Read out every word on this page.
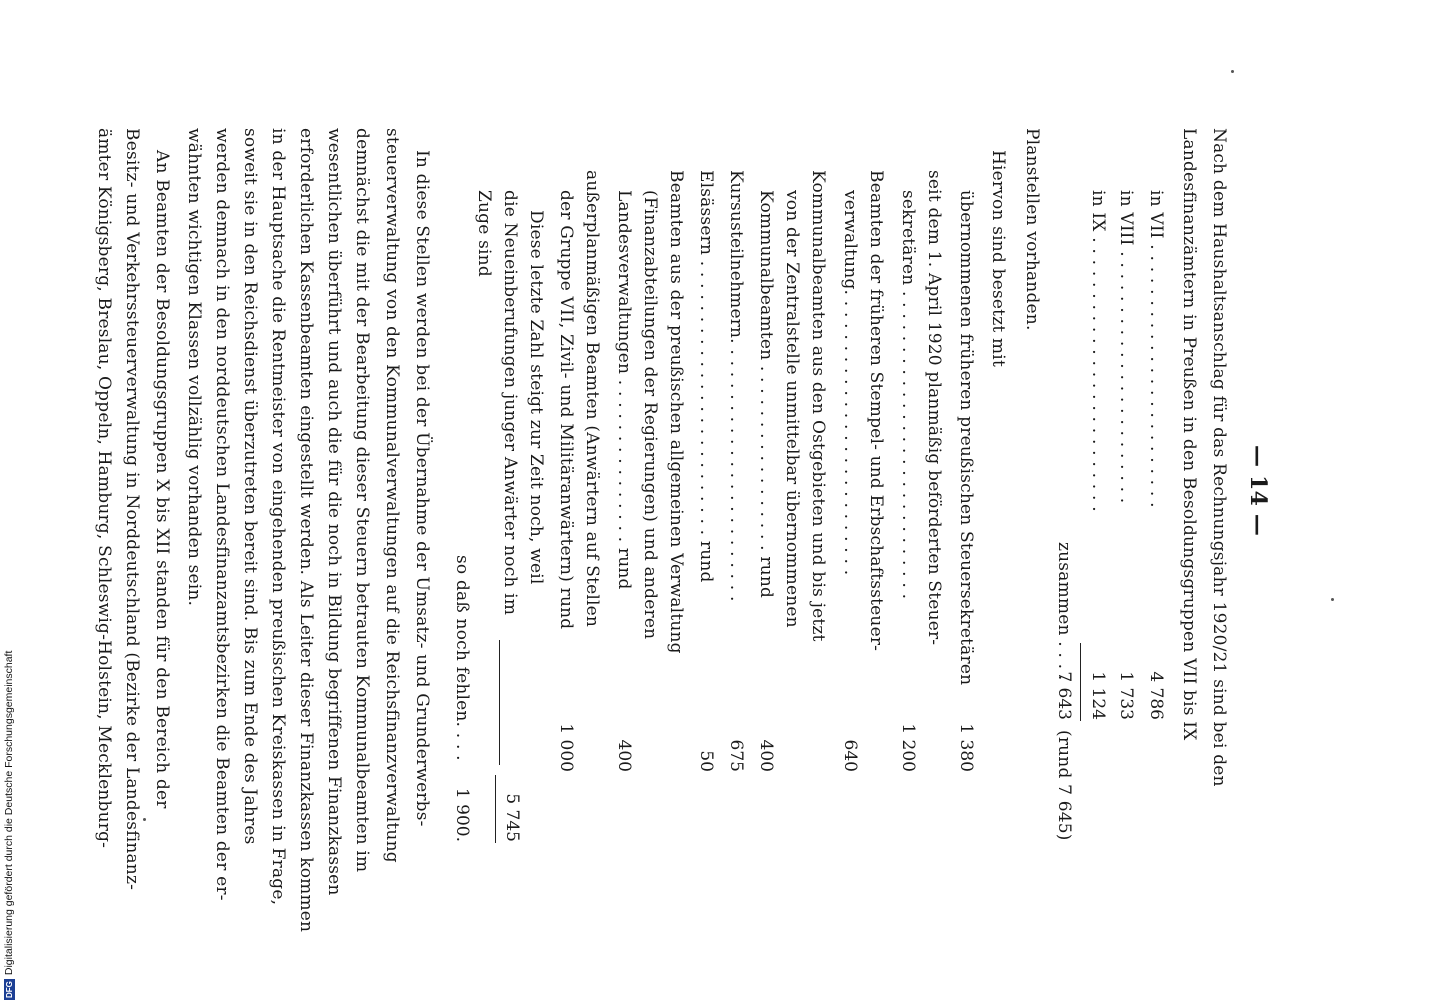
— 14 —
Nach dem Haushaltsanschlag für das Rechnungsjahr 1920/21 sind bei den
Landesfinanzämtern in Preußen in den Besoldungsgruppen VII bis IX
in VII . . . . . . . . . . . . . . . . . . . . . . . .
4 786
in VIII . . . . . . . . . . . . . . . . . . . . . . .
1 733
in IX . . . . . . . . . . . . . . . . . . . . . . . . .
1 124
zusammen . . . .
7 643
(rund 7 645)
Planstellen vorhanden.
Hiervon sind besetzt mit
übernommenen früheren preußischen Steuersekretären
1 380
seit dem 1. April 1920 planmäßig beförderten Steuer-
sekretären . . . . . . . . . . . . . . . . . . . . . . . . . . . .
1 200
Beamten der früheren Stempel- und Erbschaftssteuer-
verwaltung. . . . . . . . . . . . . . . . . . . . . . . . . .
640
Kommunalbeamten aus den Ostgebieten und bis jetzt
von der Zentralstelle unmittelbar übernommenen
Kommunalbeamten . . . . . . . . . . . . . . . . . rund
400
Kursusteilnehmern. . . . . . . . . . . . . . . . . . . . . . . .
675
Elsässern . . . . . . . . . . . . . . . . . . . . . . . . . rund
50
Beamten aus der preußischen allgemeinen Verwaltung
(Finanzabteilungen der Regierungen) und anderen
Landesverwaltungen . . . . . . . . . . . . . . . rund
400
außerplanmäßigen Beamten (Anwärtern auf Stellen
der Gruppe VII, Zivil- und Militäranwärtern) rund
1 000
Diese letzte Zahl steigt zur Zeit noch, weil
die Neueinberufungen junger Anwärter noch im
Zuge sind
5 745
so daß noch fehlen. . . .
1 900.
In diese Stellen werden bei der Übernahme der Umsatz- und Grunderwerbs-
steuerverwaltung von den Kommunalverwaltungen auf die Reichsfinanzverwaltung
demnächst die mit der Bearbeitung dieser Steuern betrauten Kommunalbeamten im
wesentlichen überführt und auch die für die noch in Bildung begriffenen Finanzkassen
erforderlichen Kassenbeamten eingestellt werden. Als Leiter dieser Finanzkassen kommen
in der Hauptsache die Rentmeister von eingehenden preußischen Kreiskassen in Frage,
soweit sie in den Reichsdienst überzutreten bereit sind. Bis zum Ende des Jahres
werden demnach in den norddeutschen Landesfinanzamtsbezirken die Beamten der er-
wähnten wichtigen Klassen vollzählig vorhanden sein.
An Beamten der Besoldungsgruppen X bis XII standen für den Bereich der
Besitz- und Verkehrssteuerverwaltung in Norddeutschland (Bezirke der Landesfinanz-
ämter Königsberg, Breslau, Oppeln, Hamburg, Schleswig-Holstein, Mecklenburg-
DFG
Digitalisierung gefördert durch die Deutsche Forschungsgemeinschaft
